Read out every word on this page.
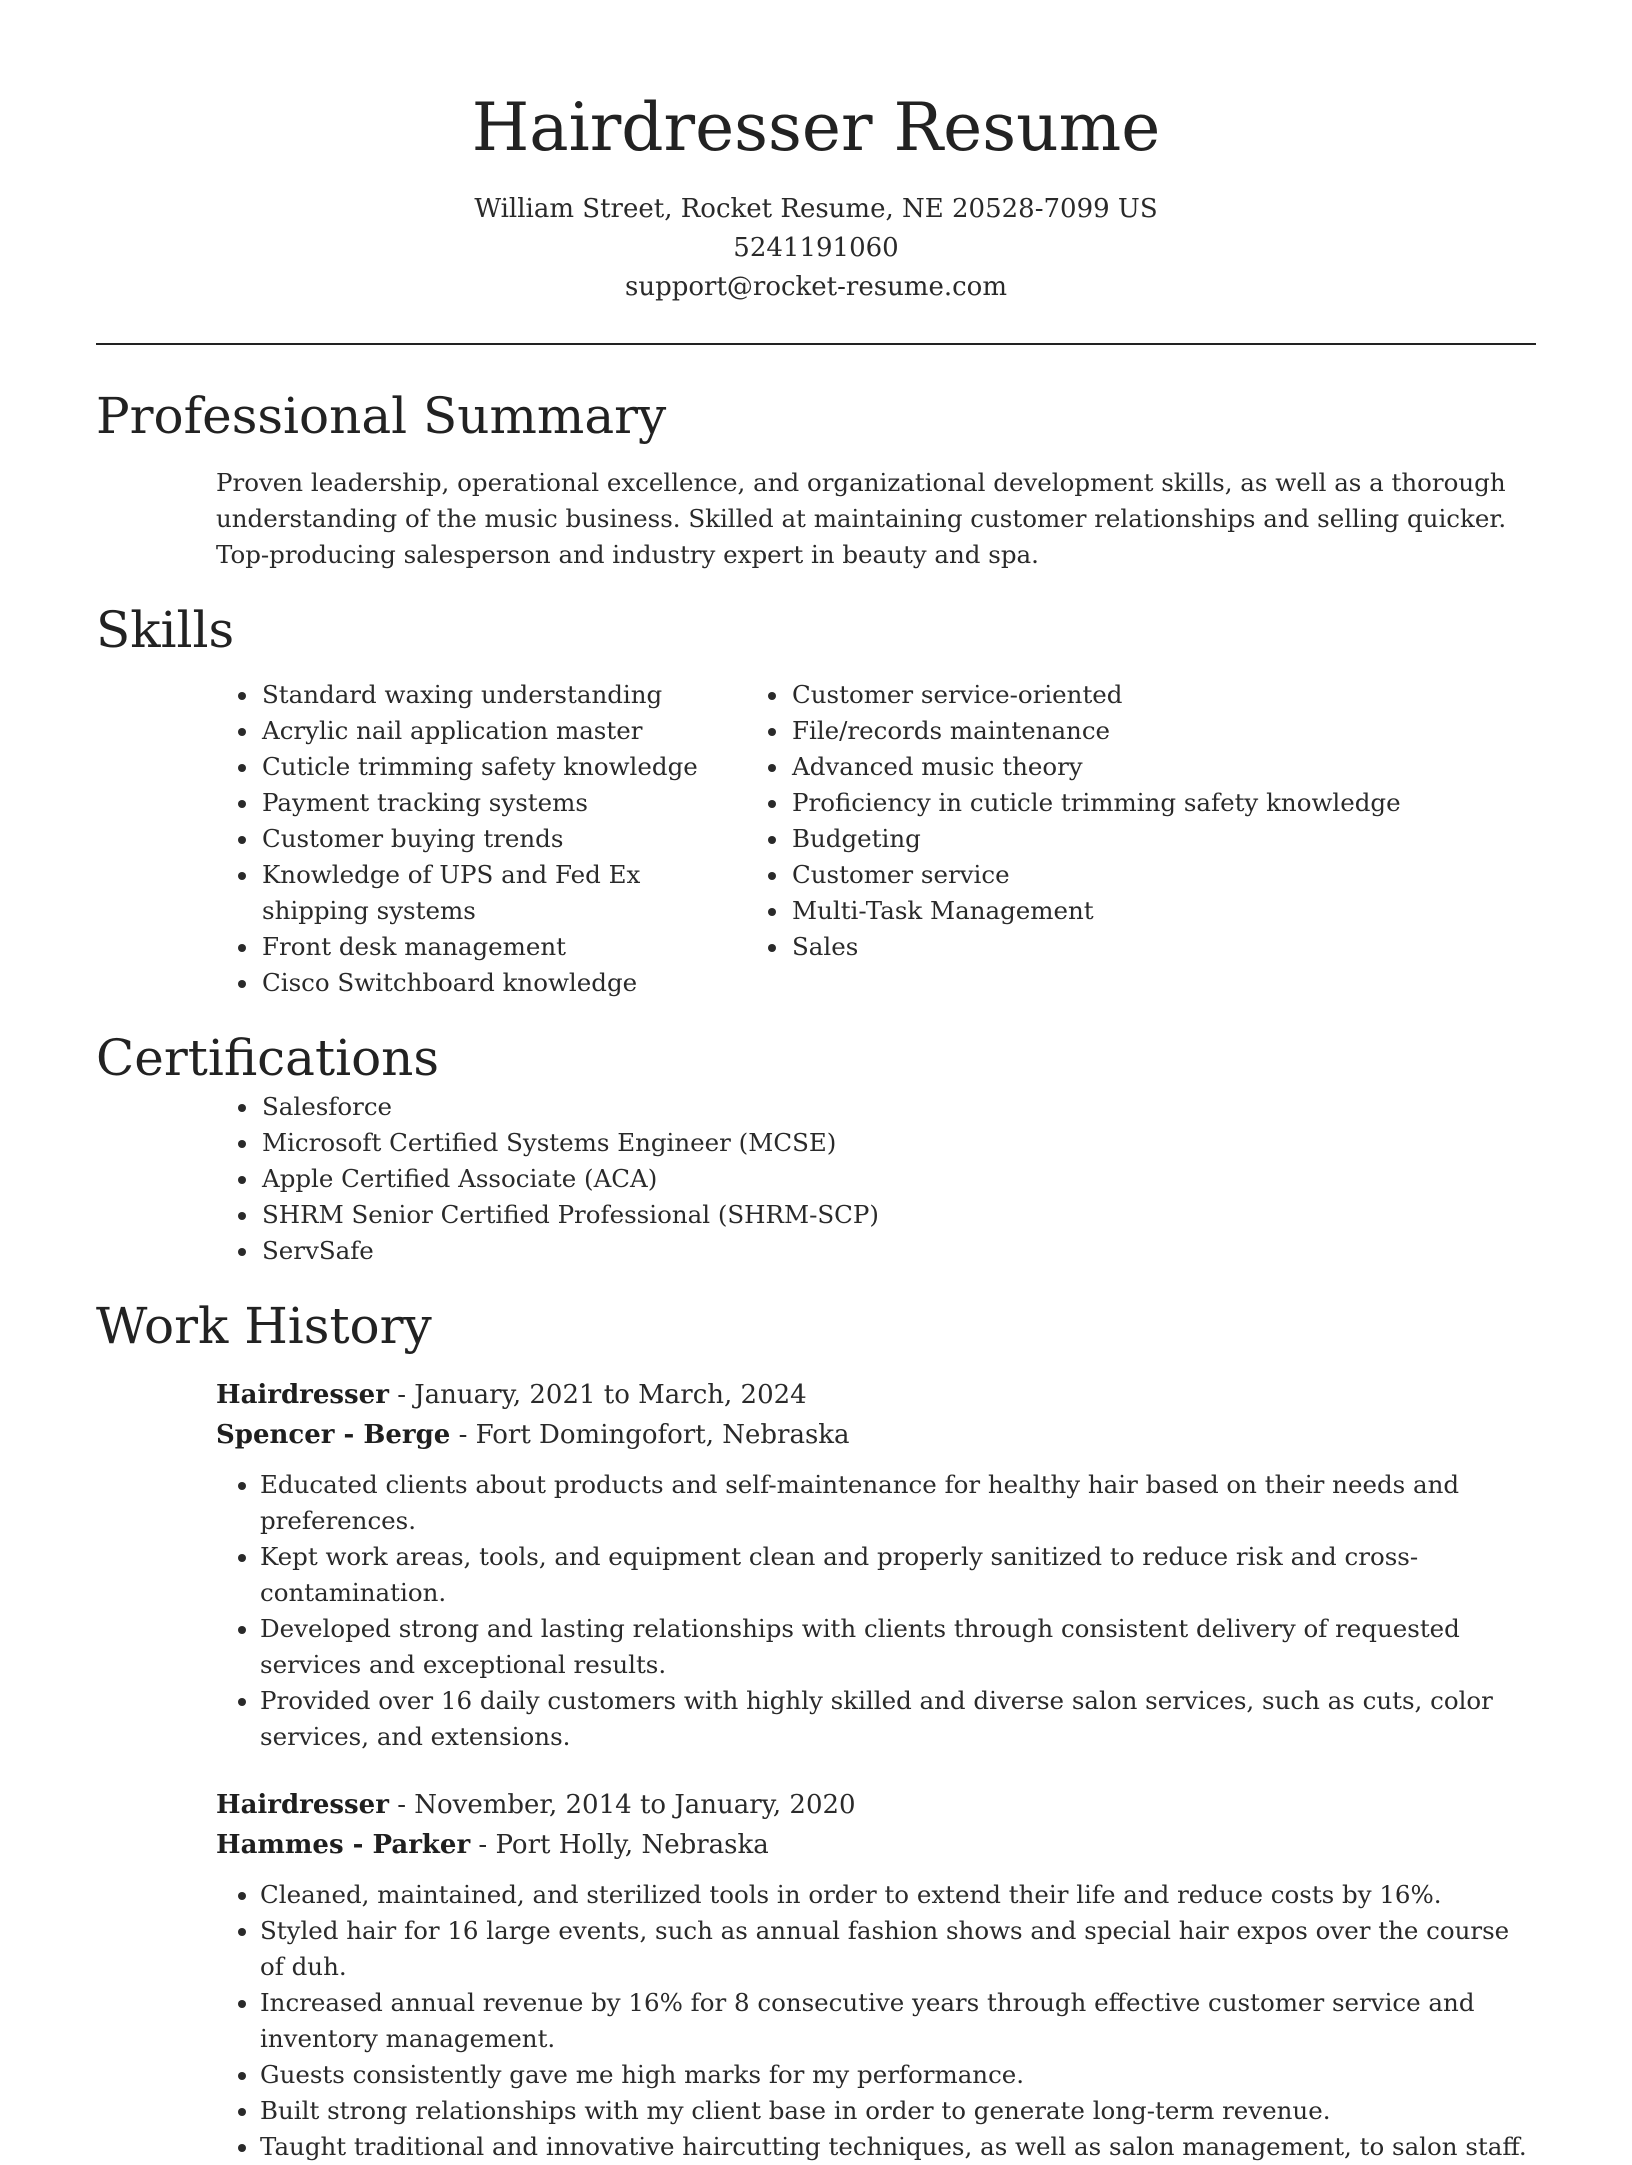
Hairdresser Resume
William Street, Rocket Resume, NE 20528-7099 US
5241191060
support@rocket-resume.com
Professional Summary

Proven leadership, operational excellence, and organizational development skills, as well as a thorough understanding of the music business. Skilled at maintaining customer relationships and selling quicker. Top-producing salesperson and industry expert in beauty and spa.

Skills
• Standard waxing understanding
• Acrylic nail application master
• Cuticle trimming safety knowledge
• Payment tracking systems
• Customer buying trends
• Knowledge of UPS and Fed Ex shipping systems
• Front desk management
• Cisco Switchboard knowledge
• Customer service-oriented
• File/records maintenance
• Advanced music theory
• Proficiency in cuticle trimming safety knowledge
• Budgeting
• Customer service
• Multi-Task Management
• Sales
Certifications
• Salesforce
• Microsoft Certified Systems Engineer (MCSE)
• Apple Certified Associate (ACA)
• SHRM Senior Certified Professional (SHRM-SCP)
• ServSafe
Work History
Hairdresser - January, 2021 to March, 2024
Spencer - Berge - Fort Domingofort, Nebraska
• Educated clients about products and self-maintenance for healthy hair based on their needs and preferences.
• Kept work areas, tools, and equipment clean and properly sanitized to reduce risk and cross-contamination.
• Developed strong and lasting relationships with clients through consistent delivery of requested services and exceptional results.
• Provided over 16 daily customers with highly skilled and diverse salon services, such as cuts, color services, and extensions.
Hairdresser - November, 2014 to January, 2020
Hammes - Parker - Port Holly, Nebraska
• Cleaned, maintained, and sterilized tools in order to extend their life and reduce costs by 16%.
• Styled hair for 16 large events, such as annual fashion shows and special hair expos over the course of duh.
• Increased annual revenue by 16% for 8 consecutive years through effective customer service and inventory management.
• Guests consistently gave me high marks for my performance.
• Built strong relationships with my client base in order to generate long-term revenue.
• Taught traditional and innovative haircutting techniques, as well as salon management, to salon staff.
